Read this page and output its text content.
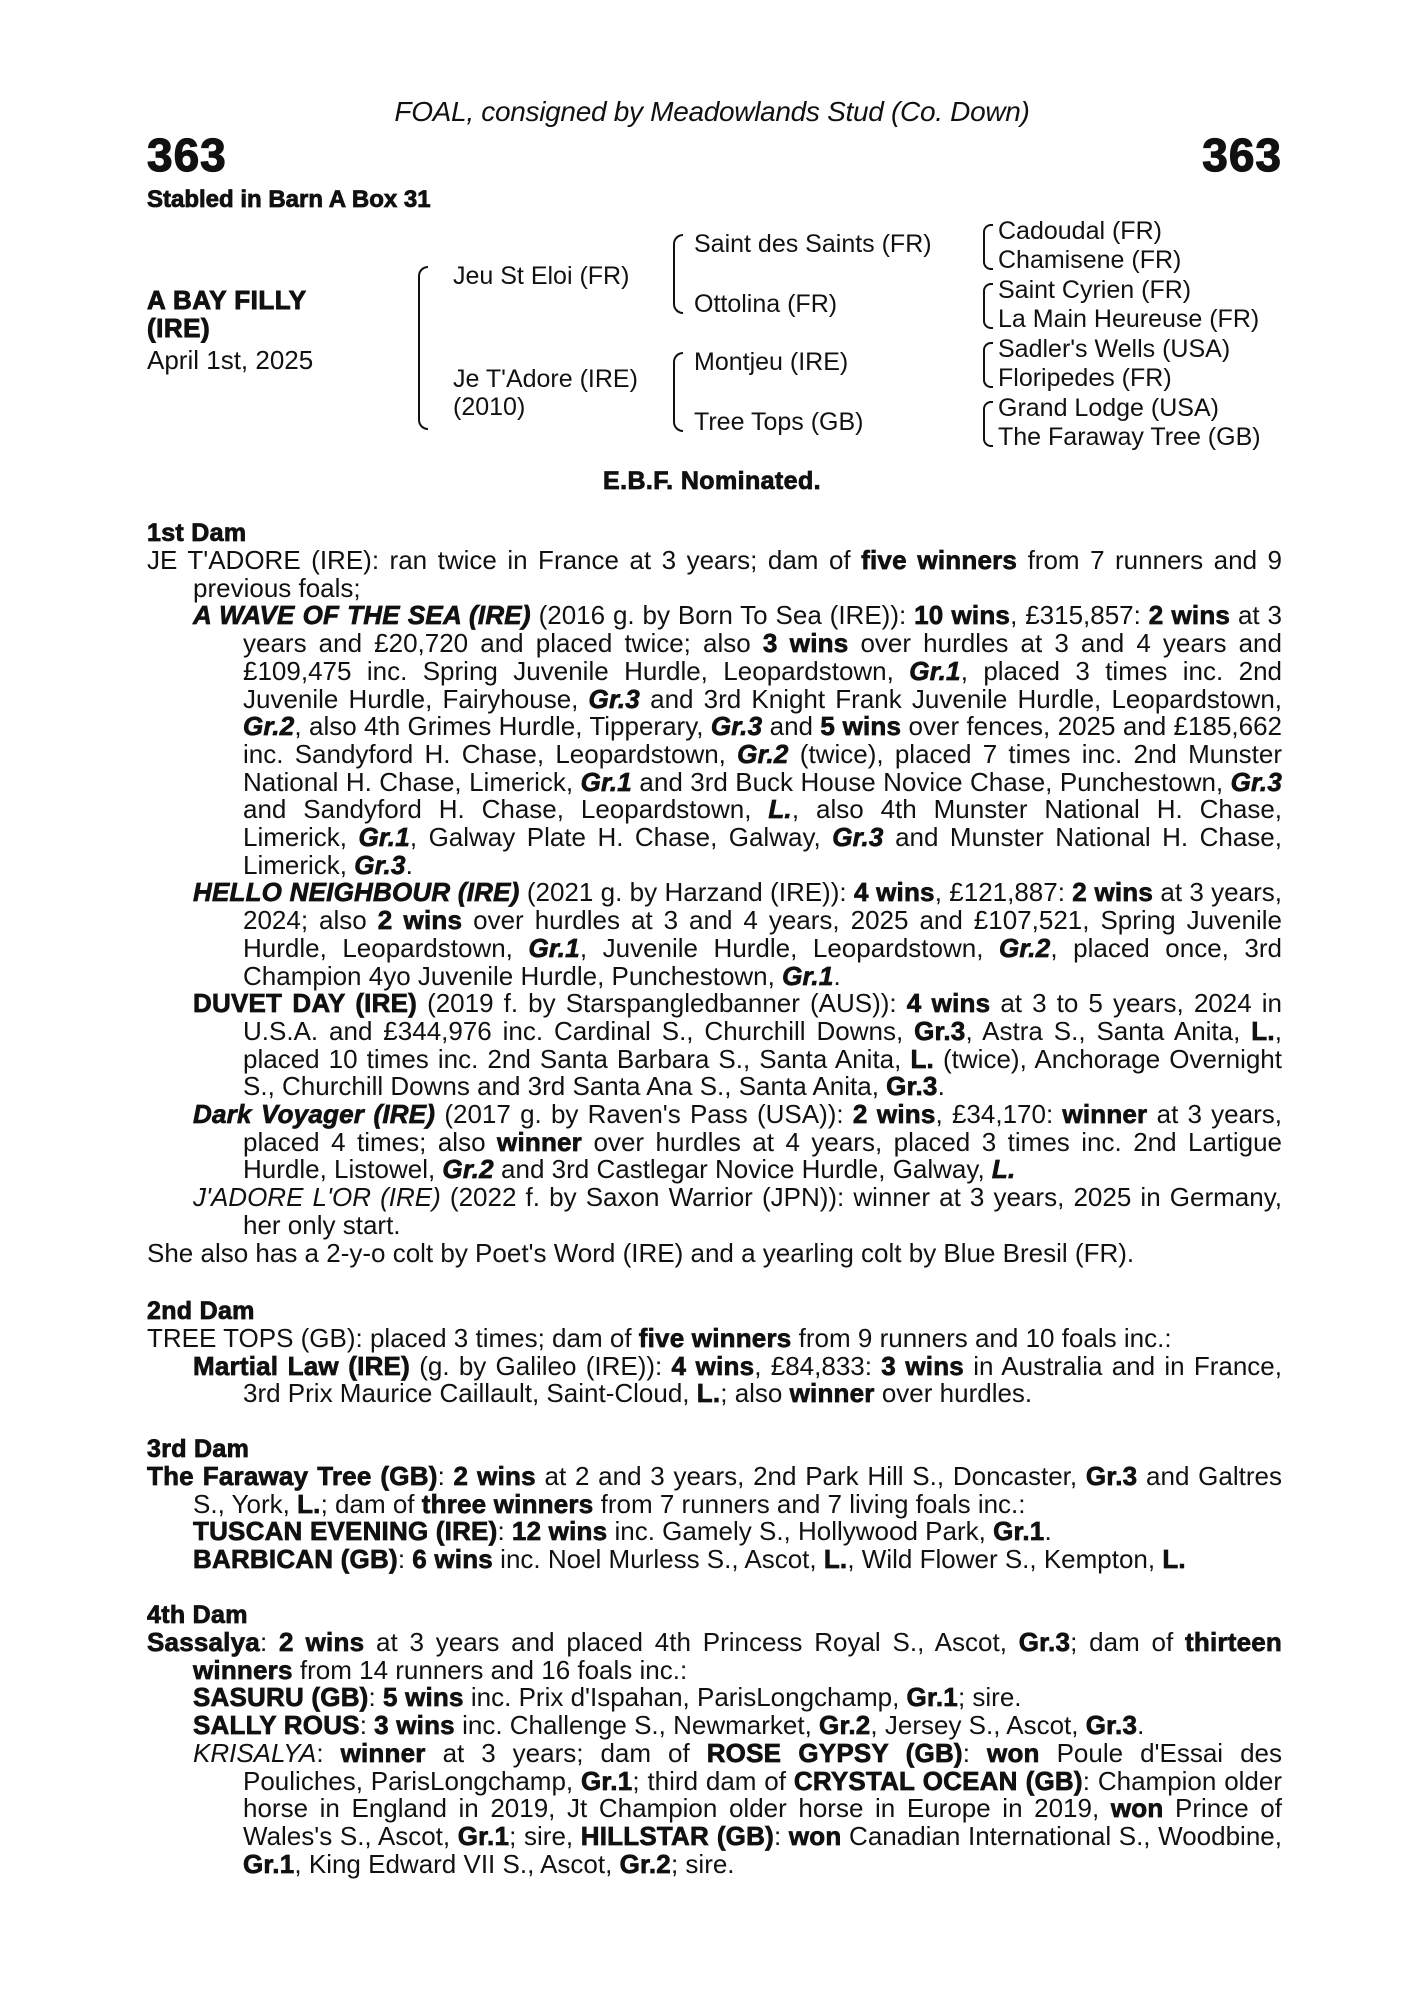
FOAL, consigned by Meadowlands Stud (Co. Down)
363	363
Stabled in Barn A Box 31
A BAY FILLY
(IRE)
April 1st, 2025
Jeu St Eloi (FR)
Je T'Adore (IRE)
(2010)
Saint des Saints (FR)
Ottolina (FR)
Montjeu (IRE)
Tree Tops (GB)
Cadoudal (FR)
Chamisene (FR)
Saint Cyrien (FR)
La Main Heureuse (FR)
Sadler's Wells (USA)
Floripedes (FR)
Grand Lodge (USA)
The Faraway Tree (GB)
E.B.F. Nominated.
1st Dam
JE T'ADORE (IRE): ran twice in France at 3 years; dam of five winners from 7 runners and 9 previous foals;
A WAVE OF THE SEA (IRE) (2016 g. by Born To Sea (IRE)): 10 wins, £315,857: 2 wins at 3 years and £20,720 and placed twice; also 3 wins over hurdles at 3 and 4 years and £109,475 inc. Spring Juvenile Hurdle, Leopardstown, Gr.1, placed 3 times inc. 2nd Juvenile Hurdle, Fairyhouse, Gr.3 and 3rd Knight Frank Juvenile Hurdle, Leopardstown, Gr.2, also 4th Grimes Hurdle, Tipperary, Gr.3 and 5 wins over fences, 2025 and £185,662 inc. Sandyford H. Chase, Leopardstown, Gr.2 (twice), placed 7 times inc. 2nd Munster National H. Chase, Limerick, Gr.1 and 3rd Buck House Novice Chase, Punchestown, Gr.3 and Sandyford H. Chase, Leopardstown, L., also 4th Munster National H. Chase, Limerick, Gr.1, Galway Plate H. Chase, Galway, Gr.3 and Munster National H. Chase, Limerick, Gr.3.
HELLO NEIGHBOUR (IRE) (2021 g. by Harzand (IRE)): 4 wins, £121,887: 2 wins at 3 years, 2024; also 2 wins over hurdles at 3 and 4 years, 2025 and £107,521, Spring Juvenile Hurdle, Leopardstown, Gr.1, Juvenile Hurdle, Leopardstown, Gr.2, placed once, 3rd Champion 4yo Juvenile Hurdle, Punchestown, Gr.1.
DUVET DAY (IRE) (2019 f. by Starspangledbanner (AUS)): 4 wins at 3 to 5 years, 2024 in U.S.A. and £344,976 inc. Cardinal S., Churchill Downs, Gr.3, Astra S., Santa Anita, L., placed 10 times inc. 2nd Santa Barbara S., Santa Anita, L. (twice), Anchorage Overnight S., Churchill Downs and 3rd Santa Ana S., Santa Anita, Gr.3.
Dark Voyager (IRE) (2017 g. by Raven's Pass (USA)): 2 wins, £34,170: winner at 3 years, placed 4 times; also winner over hurdles at 4 years, placed 3 times inc. 2nd Lartigue Hurdle, Listowel, Gr.2 and 3rd Castlegar Novice Hurdle, Galway, L.
J'ADORE L'OR (IRE) (2022 f. by Saxon Warrior (JPN)): winner at 3 years, 2025 in Germany, her only start.
She also has a 2-y-o colt by Poet's Word (IRE) and a yearling colt by Blue Bresil (FR).
2nd Dam
TREE TOPS (GB): placed 3 times; dam of five winners from 9 runners and 10 foals inc.:
Martial Law (IRE) (g. by Galileo (IRE)): 4 wins, £84,833: 3 wins in Australia and in France, 3rd Prix Maurice Caillault, Saint-Cloud, L.; also winner over hurdles.
3rd Dam
The Faraway Tree (GB): 2 wins at 2 and 3 years, 2nd Park Hill S., Doncaster, Gr.3 and Galtres S., York, L.; dam of three winners from 7 runners and 7 living foals inc.:
TUSCAN EVENING (IRE): 12 wins inc. Gamely S., Hollywood Park, Gr.1.
BARBICAN (GB): 6 wins inc. Noel Murless S., Ascot, L., Wild Flower S., Kempton, L.
4th Dam
Sassalya: 2 wins at 3 years and placed 4th Princess Royal S., Ascot, Gr.3; dam of thirteen winners from 14 runners and 16 foals inc.:
SASURU (GB): 5 wins inc. Prix d'Ispahan, ParisLongchamp, Gr.1; sire.
SALLY ROUS: 3 wins inc. Challenge S., Newmarket, Gr.2, Jersey S., Ascot, Gr.3.
KRISALYA: winner at 3 years; dam of ROSE GYPSY (GB): won Poule d'Essai des Pouliches, ParisLongchamp, Gr.1; third dam of CRYSTAL OCEAN (GB): Champion older horse in England in 2019, Jt Champion older horse in Europe in 2019, won Prince of Wales's S., Ascot, Gr.1; sire, HILLSTAR (GB): won Canadian International S., Woodbine, Gr.1, King Edward VII S., Ascot, Gr.2; sire.
